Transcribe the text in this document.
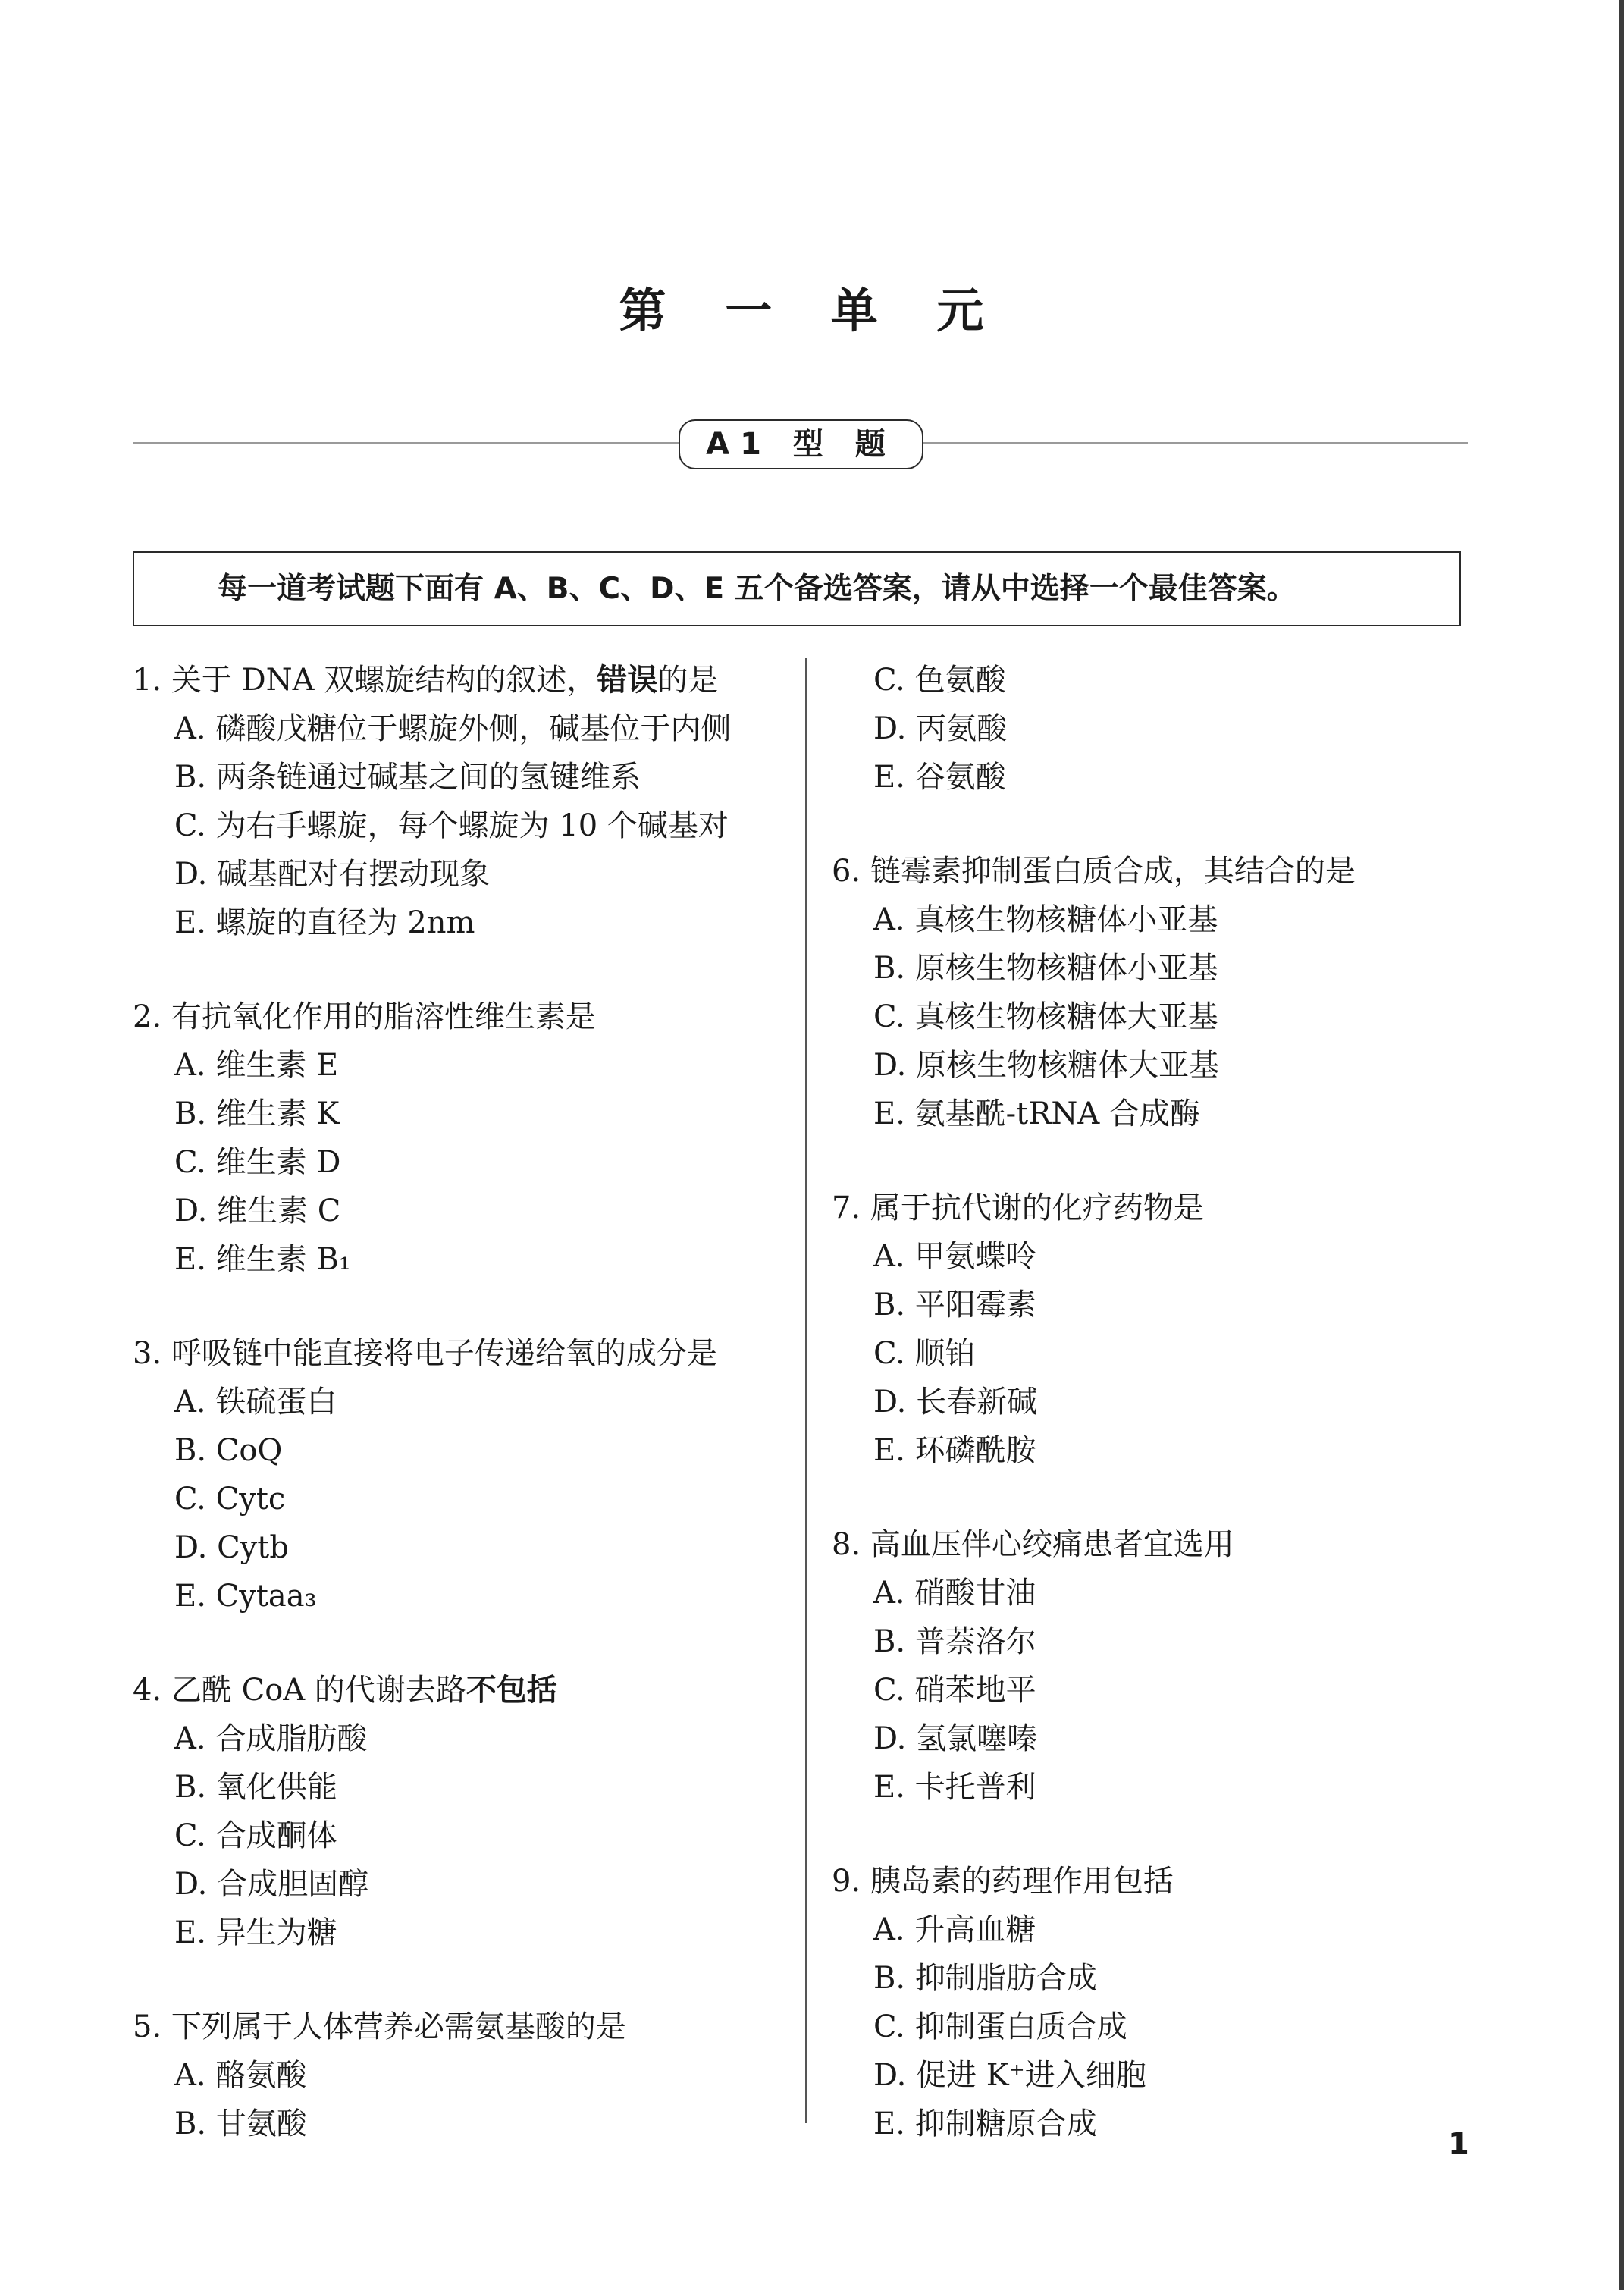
第 一 单 元
A1 型 题
每一道考试题下面有 A、B、C、D、E 五个备选答案，请从中选择一个最佳答案。
1. 关于 DNA 双螺旋结构的叙述，错误的是
A. 磷酸戊糖位于螺旋外侧，碱基位于内侧
B. 两条链通过碱基之间的氢键维系
C. 为右手螺旋，每个螺旋为 10 个碱基对
D. 碱基配对有摆动现象
E. 螺旋的直径为 2nm
2. 有抗氧化作用的脂溶性维生素是
A. 维生素 E
B. 维生素 K
C. 维生素 D
D. 维生素 C
E. 维生素 B₁
3. 呼吸链中能直接将电子传递给氧的成分是
A. 铁硫蛋白
B. CoQ
C. Cytc
D. Cytb
E. Cytaa₃
4. 乙酰 CoA 的代谢去路不包括
A. 合成脂肪酸
B. 氧化供能
C. 合成酮体
D. 合成胆固醇
E. 异生为糖
5. 下列属于人体营养必需氨基酸的是
A. 酪氨酸
B. 甘氨酸
C. 色氨酸
D. 丙氨酸
E. 谷氨酸
6. 链霉素抑制蛋白质合成，其结合的是
A. 真核生物核糖体小亚基
B. 原核生物核糖体小亚基
C. 真核生物核糖体大亚基
D. 原核生物核糖体大亚基
E. 氨基酰-tRNA 合成酶
7. 属于抗代谢的化疗药物是
A. 甲氨蝶呤
B. 平阳霉素
C. 顺铂
D. 长春新碱
E. 环磷酰胺
8. 高血压伴心绞痛患者宜选用
A. 硝酸甘油
B. 普萘洛尔
C. 硝苯地平
D. 氢氯噻嗪
E. 卡托普利
9. 胰岛素的药理作用包括
A. 升高血糖
B. 抑制脂肪合成
C. 抑制蛋白质合成
D. 促进 K⁺进入细胞
E. 抑制糖原合成
1
